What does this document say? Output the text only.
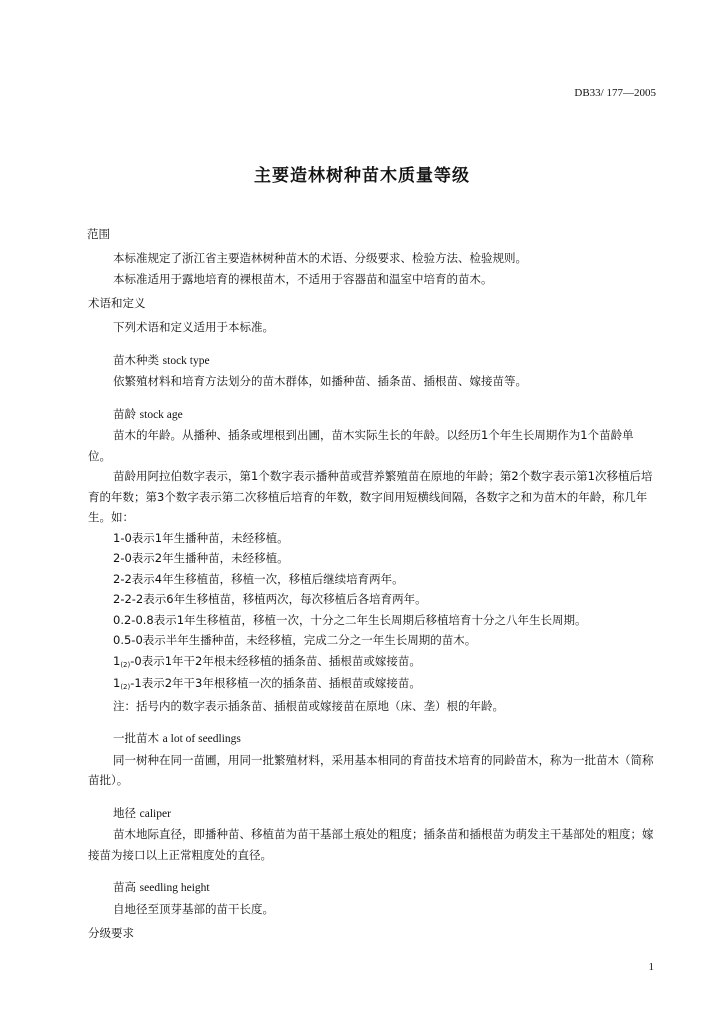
DB33/ 177—2005
主要造林树种苗木质量等级
范围

本标准规定了浙江省主要造林树种苗木的术语、分级要求、检验方法、检验规则。

本标准适用于露地培育的裸根苗木，不适用于容器苗和温室中培育的苗木。

术语和定义

下列术语和定义适用于本标准。

苗木种类 stock type

依繁殖材料和培育方法划分的苗木群体，如播种苗、插条苗、插根苗、嫁接苗等。

苗龄 stock age

苗木的年龄。从播种、插条或埋根到出圃，苗木实际生长的年龄。以经历1个年生长周期作为1个苗龄单位。

苗龄用阿拉伯数字表示，第1个数字表示播种苗或营养繁殖苗在原地的年龄；第2个数字表示第1次移植后培育的年数；第3个数字表示第二次移植后培育的年数，数字间用短横线间隔，各数字之和为苗木的年龄，称几年生。如：

1-0表示1年生播种苗，未经移植。

2-0表示2年生播种苗，未经移植。

2-2表示4年生移植苗，移植一次，移植后继续培育两年。

2-2-2表示6年生移植苗，移植两次，每次移植后各培育两年。

0.2-0.8表示1年生移植苗，移植一次，十分之二年生长周期后移植培育十分之八年生长周期。

0.5-0表示半年生播种苗，未经移植，完成二分之一年生长周期的苗木。

1(2)-0表示1年干2年根未经移植的插条苗、插根苗或嫁接苗。

1(2)-1表示2年干3年根移植一次的插条苗、插根苗或嫁接苗。

注：括号内的数字表示插条苗、插根苗或嫁接苗在原地（床、垄）根的年龄。

一批苗木 a lot of seedlings

同一树种在同一苗圃，用同一批繁殖材料，采用基本相同的育苗技术培育的同龄苗木，称为一批苗木（简称苗批）。

地径 caliper

苗木地际直径，即播种苗、移植苗为苗干基部土痕处的粗度；插条苗和插根苗为萌发主干基部处的粗度；嫁接苗为接口以上正常粗度处的直径。

苗高 seedling height

自地径至顶芽基部的苗干长度。

分级要求
1
